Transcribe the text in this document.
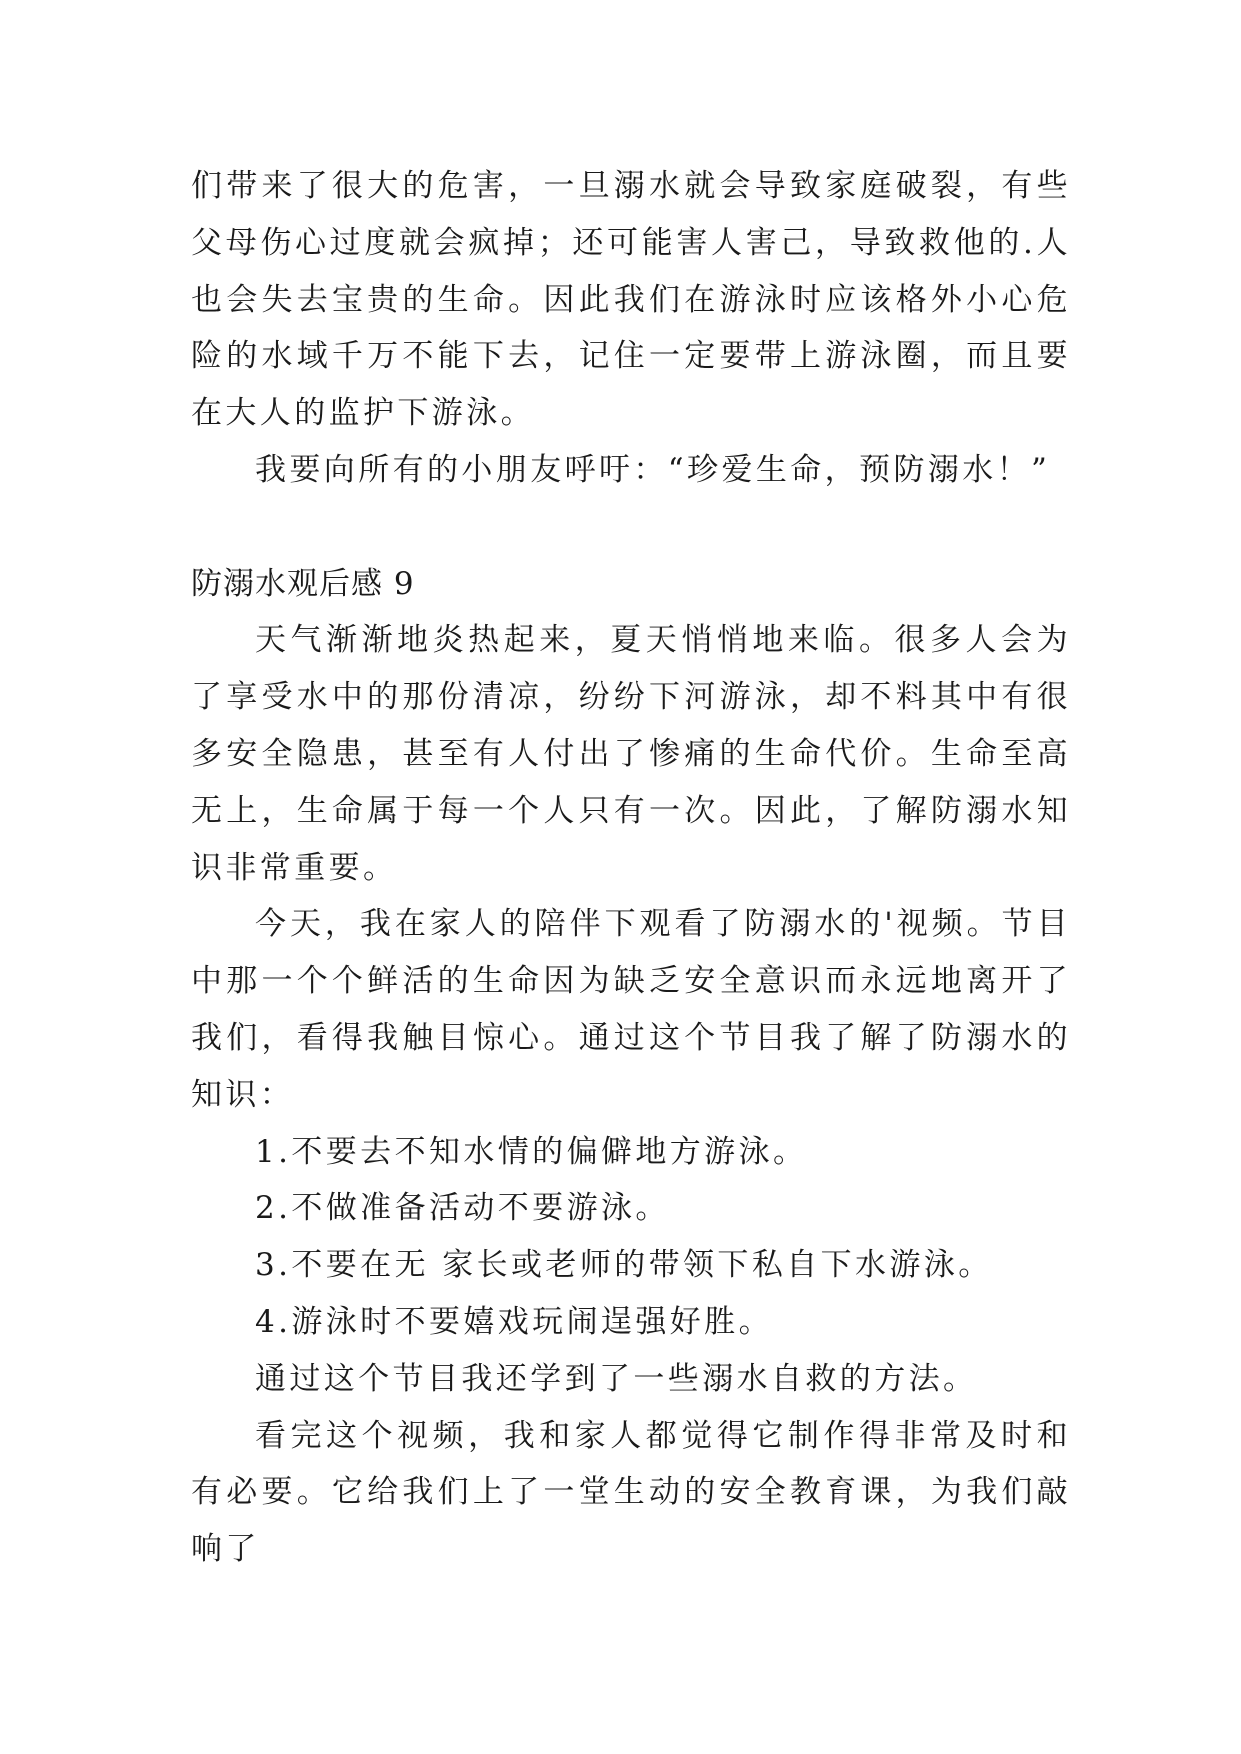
们带来了很大的危害，一旦溺水就会导致家庭破裂，有些父母伤心过度就会疯掉；还可能害人害己，导致救他的.人也会失去宝贵的生命。因此我们在游泳时应该格外小心危险的水域千万不能下去，记住一定要带上游泳圈，而且要在大人的监护下游泳。

我要向所有的小朋友呼吁：“珍爱生命，预防溺水！”

防溺水观后感 9

天气渐渐地炎热起来，夏天悄悄地来临。很多人会为了享受水中的那份清凉，纷纷下河游泳，却不料其中有很多安全隐患，甚至有人付出了惨痛的生命代价。生命至高无上，生命属于每一个人只有一次。因此，了解防溺水知识非常重要。

今天，我在家人的陪伴下观看了防溺水的'视频。节目中那一个个鲜活的生命因为缺乏安全意识而永远地离开了我们，看得我触目惊心。通过这个节目我了解了防溺水的知识：

1.不要去不知水情的偏僻地方游泳。

2.不做准备活动不要游泳。

3.不要在无 家长或老师的带领下私自下水游泳。

4.游泳时不要嬉戏玩闹逞强好胜。

通过这个节目我还学到了一些溺水自救的方法。

看完这个视频，我和家人都觉得它制作得非常及时和有必要。它给我们上了一堂生动的安全教育课，为我们敲响了
